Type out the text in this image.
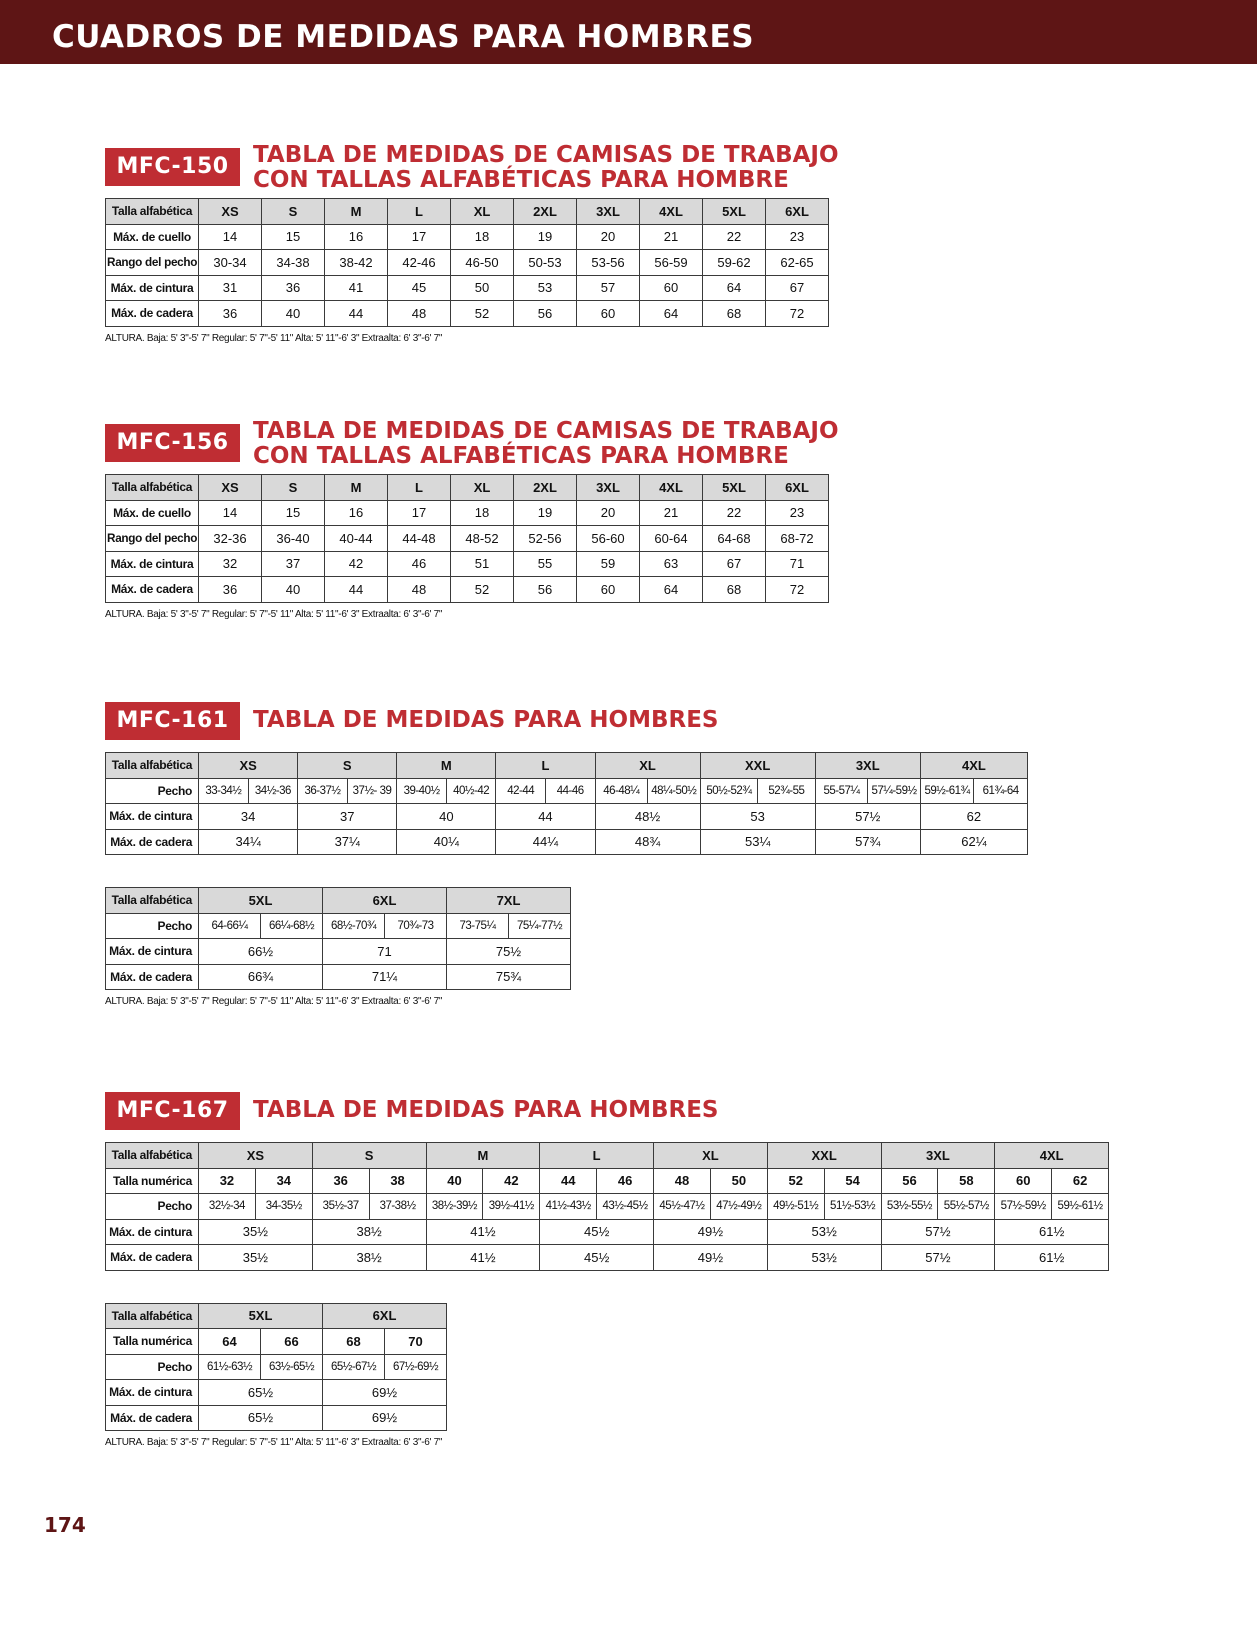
CUADROS DE MEDIDAS PARA HOMBRES
MFC-150	TABLA DE MEDIDAS DE CAMISAS DE TRABAJO
CON TALLAS ALFABÉTICAS PARA HOMBRE
Talla alfabética	XS	S	M	L	XL	2XL	3XL	4XL	5XL	6XL
Máx. de cuello	14	15	16	17	18	19	20	21	22	23
Rango del pecho	30-34	34-38	38-42	42-46	46-50	50-53	53-56	56-59	59-62	62-65
Máx. de cintura	31	36	41	45	50	53	57	60	64	67
Máx. de cadera	36	40	44	48	52	56	60	64	68	72
ALTURA. Baja: 5' 3"-5' 7" Regular: 5' 7"-5' 11" Alta: 5' 11"-6' 3" Extraalta: 6' 3"-6' 7"
MFC-156	TABLA DE MEDIDAS DE CAMISAS DE TRABAJO
CON TALLAS ALFABÉTICAS PARA HOMBRE
Talla alfabética	XS	S	M	L	XL	2XL	3XL	4XL	5XL	6XL
Máx. de cuello	14	15	16	17	18	19	20	21	22	23
Rango del pecho	32-36	36-40	40-44	44-48	48-52	52-56	56-60	60-64	64-68	68-72
Máx. de cintura	32	37	42	46	51	55	59	63	67	71
Máx. de cadera	36	40	44	48	52	56	60	64	68	72
ALTURA. Baja: 5' 3"-5' 7" Regular: 5' 7"-5' 11" Alta: 5' 11"-6' 3" Extraalta: 6' 3"-6' 7"
MFC-161	TABLA DE MEDIDAS PARA HOMBRES
Talla alfabética	XS		S		M		L		XL		XXL		3XL		4XL	
Pecho	33-34½	34½-36	36-37½	37½- 39	39-40½	40½-42	42-44	44-46	46-48¼	48¼-50½	50½-52¾	52¾-55	55-57¼	57¼-59½	59½-61¾	61¾-64
Máx. de cintura	34		37		40		44		48½		53		57½		62	
Máx. de cadera	34¼		37¼		40¼		44¼		48¾		53¼		57¾		62¼	
Talla alfabética	5XL		6XL		7XL	
Pecho	64-66¼	66¼-68½	68½-70¾	70¾-73	73-75¼	75¼-77½
Máx. de cintura	66½		71		75½	
Máx. de cadera	66¾		71¼		75¾	
ALTURA. Baja: 5' 3"-5' 7" Regular: 5' 7"-5' 11" Alta: 5' 11"-6' 3" Extraalta: 6' 3"-6' 7"
MFC-167	TABLA DE MEDIDAS PARA HOMBRES
Talla alfabética	XS		S		M		L		XL		XXL		3XL		4XL	
Talla numérica	32	34	36	38	40	42	44	46	48	50	52	54	56	58	60	62
Pecho	32½-34	34-35½	35½-37	37-38½	38½-39½	39½-41½	41½-43½	43½-45½	45½-47½	47½-49½	49½-51½	51½-53½	53½-55½	55½-57½	57½-59½	59½-61½
Máx. de cintura	35½		38½		41½		45½		49½		53½		57½		61½	
Máx. de cadera	35½		38½		41½		45½		49½		53½		57½		61½	
Talla alfabética	5XL		6XL	
Talla numérica	64	66	68	70
Pecho	61½-63½	63½-65½	65½-67½	67½-69½
Máx. de cintura	65½		69½	
Máx. de cadera	65½		69½	
ALTURA. Baja: 5' 3"-5' 7" Regular: 5' 7"-5' 11" Alta: 5' 11"-6' 3" Extraalta: 6' 3"-6' 7"
174
